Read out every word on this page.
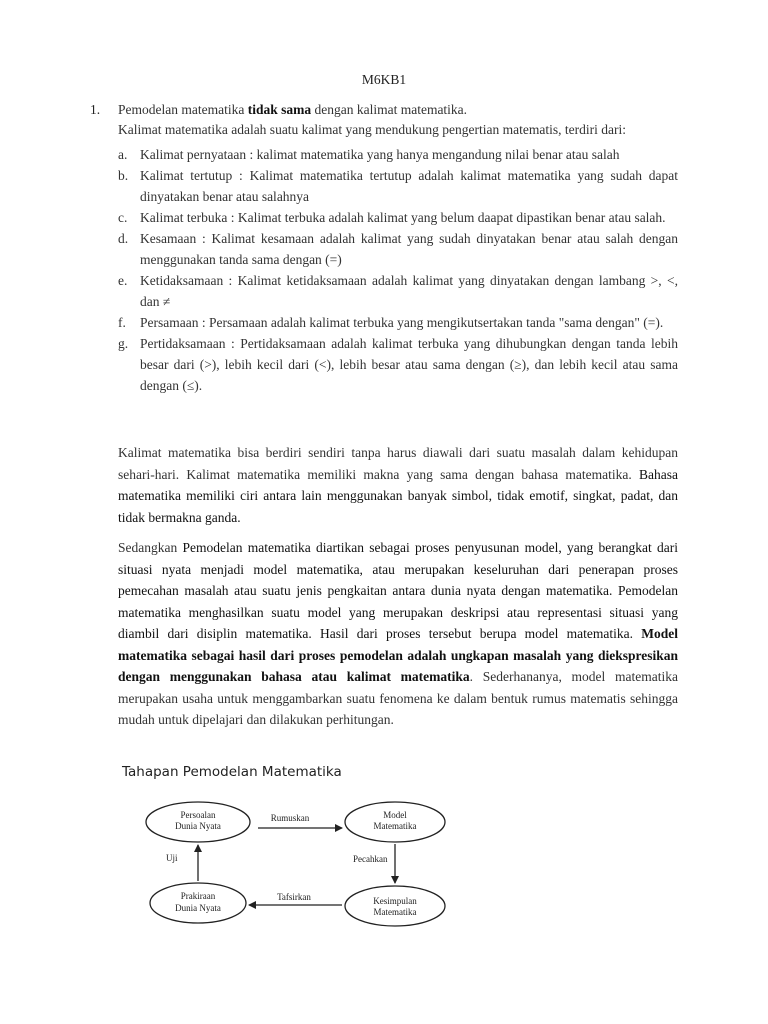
M6KB1
1. Pemodelan matematika tidak sama dengan kalimat matematika.
Kalimat matematika adalah suatu kalimat yang mendukung pengertian matematis, terdiri dari:
a. Kalimat pernyataan : kalimat matematika yang hanya mengandung nilai benar atau salah

b. Kalimat tertutup : Kalimat matematika tertutup adalah kalimat matematika yang sudah dapat dinyatakan benar atau salahnya

c. Kalimat terbuka : Kalimat terbuka adalah kalimat yang belum daapat dipastikan benar atau salah.

d. Kesamaan : Kalimat kesamaan adalah kalimat yang sudah dinyatakan benar atau salah dengan menggunakan tanda sama dengan (=)

e. Ketidaksamaan : Kalimat ketidaksamaan adalah kalimat yang dinyatakan dengan lambang >, <, dan ≠

f. Persamaan : Persamaan adalah kalimat terbuka yang mengikutsertakan tanda "sama dengan" (=).

g. Pertidaksamaan : Pertidaksamaan adalah kalimat terbuka yang dihubungkan dengan tanda lebih besar dari (>), lebih kecil dari (<), lebih besar atau sama dengan (≥), dan lebih kecil atau sama dengan (≤).

Kalimat matematika bisa berdiri sendiri tanpa harus diawali dari suatu masalah dalam kehidupan sehari-hari. Kalimat matematika memiliki makna yang sama dengan bahasa matematika. Bahasa matematika memiliki ciri antara lain menggunakan banyak simbol, tidak emotif, singkat, padat, dan tidak bermakna ganda.

Sedangkan Pemodelan matematika diartikan sebagai proses penyusunan model, yang berangkat dari situasi nyata menjadi model matematika, atau merupakan keseluruhan dari penerapan proses pemecahan masalah atau suatu jenis pengkaitan antara dunia nyata dengan matematika. Pemodelan matematika menghasilkan suatu model yang merupakan deskripsi atau representasi situasi yang diambil dari disiplin matematika. Hasil dari proses tersebut berupa model matematika. Model matematika sebagai hasil dari proses pemodelan adalah ungkapan masalah yang diekspresikan dengan menggunakan bahasa atau kalimat matematika. Sederhananya, model matematika merupakan usaha untuk menggambarkan suatu fenomena ke dalam bentuk rumus matematis sehingga mudah untuk dipelajari dan dilakukan perhitungan.

Tahapan Pemodelan Matematika
Persoalan
Dunia Nyata
Model
Matematika
Kesimpulan
Matematika
Prakiraan
Dunia Nyata
Rumuskan
Pecahkan
Tafsirkan
Uji
